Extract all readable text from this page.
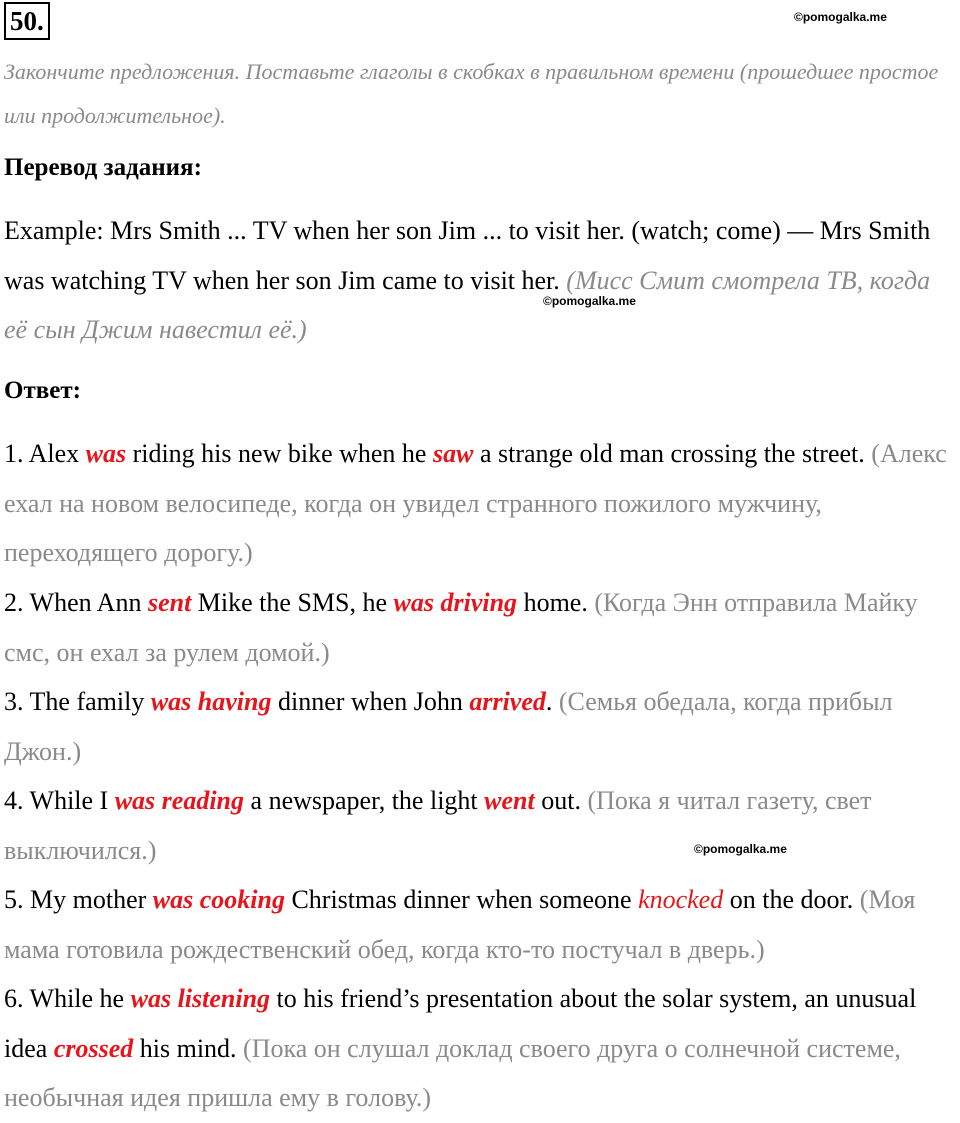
50.	©pomogalka.me
Закончите предложения. Поставьте глаголы в скобках в правильном времени (прошедшее простое или продолжительное).
Перевод задания:
Example: Mrs Smith ... TV when her son Jim ... to visit her. (watch; come) — Mrs Smith was watching TV when her son Jim came to visit her. (Мисс Смит смотрела ТВ, когда её сын Джим навестил её.)
©pomogalka.me
Ответ:
1. Alex was riding his new bike when he saw a strange old man crossing the street. (Алекс ехал на новом велосипеде, когда он увидел странного пожилого мужчину, переходящего дорогу.)
2. When Ann sent Mike the SMS, he was driving home. (Когда Энн отправила Майку смс, он ехал за рулем домой.)
3. The family was having dinner when John arrived. (Семья обедала, когда прибыл Джон.)
4. While I was reading a newspaper, the light went out. (Пока я читал газету, свет выключился.)	©pomogalka.me
5. My mother was cooking Christmas dinner when someone knocked on the door. (Моя мама готовила рождественский обед, когда кто-то постучал в дверь.)
6. While he was listening to his friend’s presentation about the solar system, an unusual idea crossed his mind. (Пока он слушал доклад своего друга о солнечной системе, необычная идея пришла ему в голову.)
